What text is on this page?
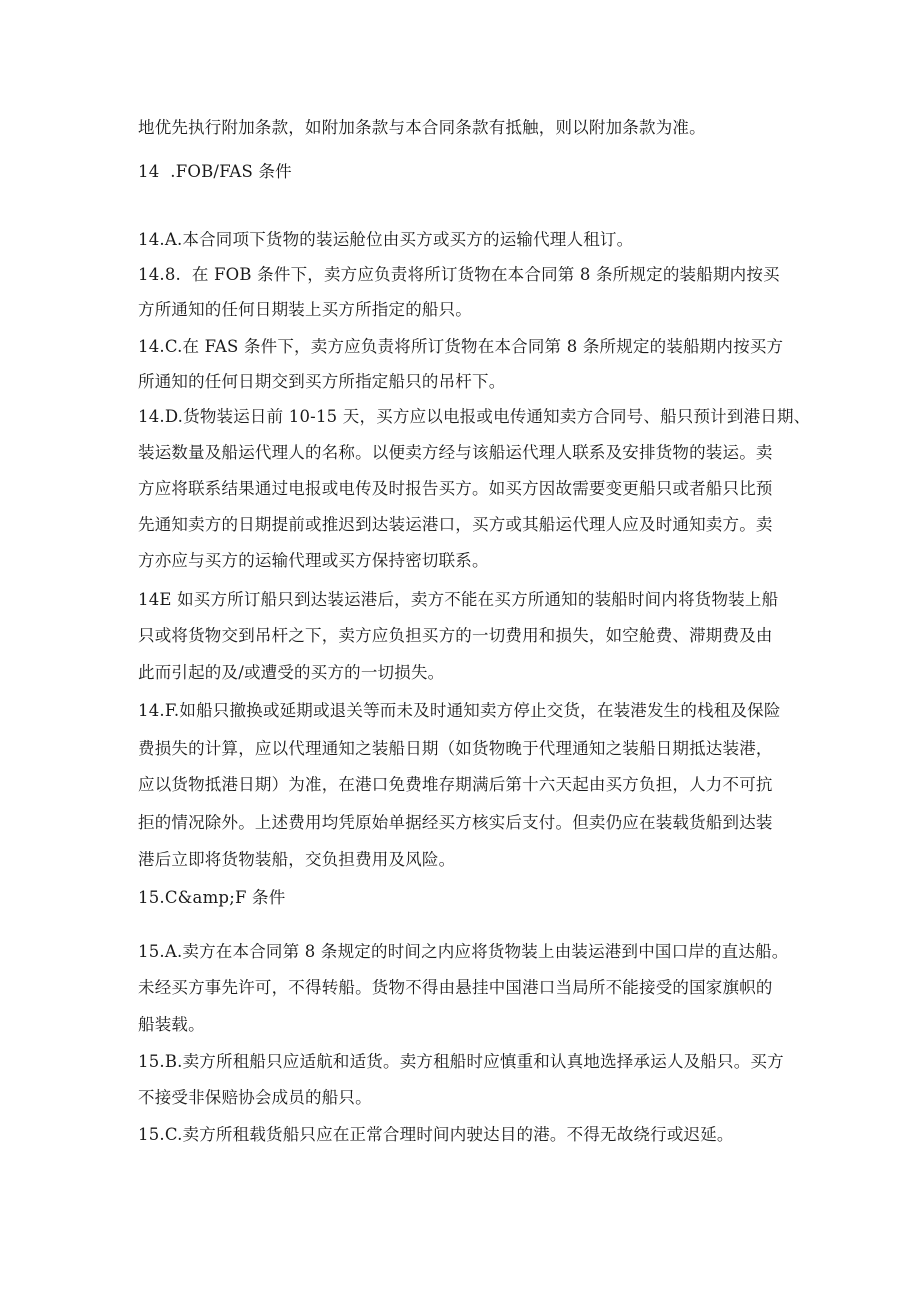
地优先执行附加条款，如附加条款与本合同条款有抵触，则以附加条款为准。
14  .FOB/FAS 条件
14.A.本合同项下货物的装运舱位由买方或买方的运输代理人租订。
14.8.  在 FOB 条件下，卖方应负责将所订货物在本合同第 8 条所规定的装船期内按买
方所通知的任何日期装上买方所指定的船只。
14.C.在 FAS 条件下，卖方应负责将所订货物在本合同第 8 条所规定的装船期内按买方
所通知的任何日期交到买方所指定船只的吊杆下。
14.D.货物装运日前 10-15 天，买方应以电报或电传通知卖方合同号、船只预计到港日期、
装运数量及船运代理人的名称。以便卖方经与该船运代理人联系及安排货物的装运。卖
方应将联系结果通过电报或电传及时报告买方。如买方因故需要变更船只或者船只比预
先通知卖方的日期提前或推迟到达装运港口，买方或其船运代理人应及时通知卖方。卖
方亦应与买方的运输代理或买方保持密切联系。
14E 如买方所订船只到达装运港后，卖方不能在买方所通知的装船时间内将货物装上船
只或将货物交到吊杆之下，卖方应负担买方的一切费用和损失，如空舱费、滞期费及由
此而引起的及/或遭受的买方的一切损失。
14.F.如船只撤换或延期或退关等而未及时通知卖方停止交货，在装港发生的栈租及保险
费损失的计算，应以代理通知之装船日期（如货物晚于代理通知之装船日期抵达装港，
应以货物抵港日期）为准，在港口免费堆存期满后第十六天起由买方负担，人力不可抗
拒的情况除外。上述费用均凭原始单据经买方核实后支付。但卖仍应在装载货船到达装
港后立即将货物装船，交负担费用及风险。
15.C&amp;F 条件
15.A.卖方在本合同第 8 条规定的时间之内应将货物装上由装运港到中国口岸的直达船。
未经买方事先许可，不得转船。货物不得由悬挂中国港口当局所不能接受的国家旗帜的
船装载。
15.B.卖方所租船只应适航和适货。卖方租船时应慎重和认真地选择承运人及船只。买方
不接受非保赔协会成员的船只。
15.C.卖方所租载货船只应在正常合理时间内驶达目的港。不得无故绕行或迟延。
